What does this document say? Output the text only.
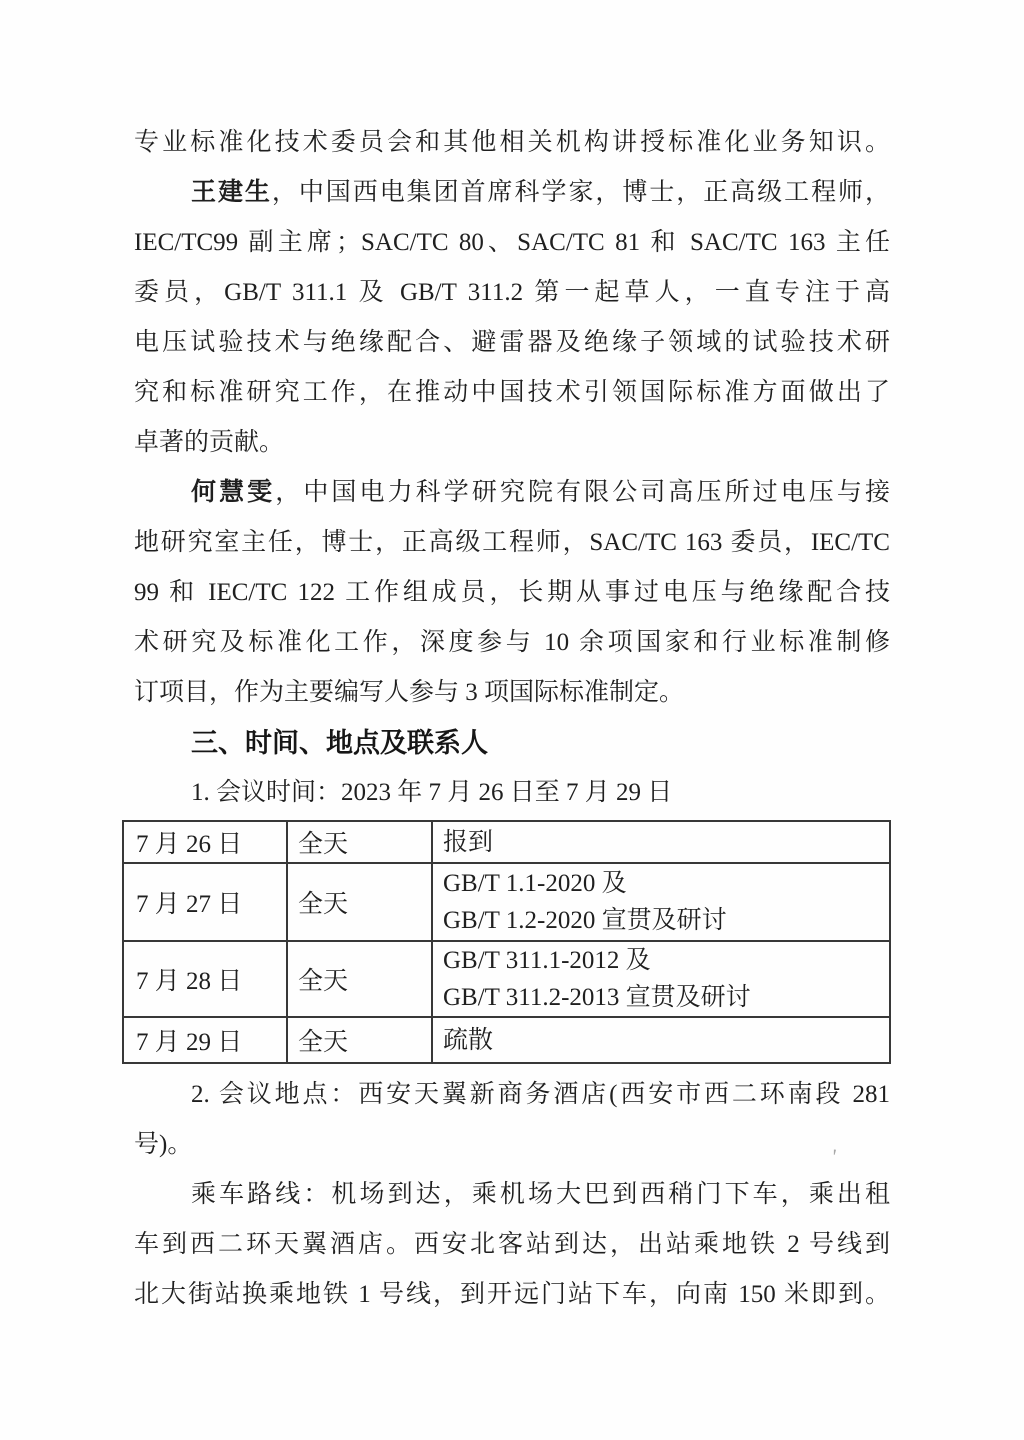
专业标准化技术委员会和其他相关机构讲授标准化业务知识。
王建生，中国西电集团首席科学家，博士，正高级工程师，
IEC/TC99 副主席；SAC/TC 80、SAC/TC 81 和 SAC/TC 163 主任
委员，GB/T 311.1 及 GB/T 311.2 第一起草人，一直专注于高
电压试验技术与绝缘配合、避雷器及绝缘子领域的试验技术研
究和标准研究工作，在推动中国技术引领国际标准方面做出了
卓著的贡献。
何慧雯，中国电力科学研究院有限公司高压所过电压与接
地研究室主任，博士，正高级工程师，SAC/TC 163 委员，IEC/TC
99 和 IEC/TC 122 工作组成员，长期从事过电压与绝缘配合技
术研究及标准化工作，深度参与 10 余项国家和行业标准制修
订项目，作为主要编写人参与 3 项国际标准制定。
三、时间、地点及联系人
1. 会议时间：2023 年 7 月 26 日至 7 月 29 日
7 月 26 日	全天	报到

7 月 27 日	全天	GB/T 1.1-2020 及
GB/T 1.2-2020 宣贯及研讨

7 月 28 日	全天	GB/T 311.1-2012 及
GB/T 311.2-2013 宣贯及研讨

7 月 29 日	全天	疏散
2. 会议地点：西安天翼新商务酒店(西安市西二环南段 281
号)。
乘车路线：机场到达，乘机场大巴到西稍门下车，乘出租
车到西二环天翼酒店。西安北客站到达，出站乘地铁 2 号线到
北大街站换乘地铁 1 号线，到开远门站下车，向南 150 米即到。
'
